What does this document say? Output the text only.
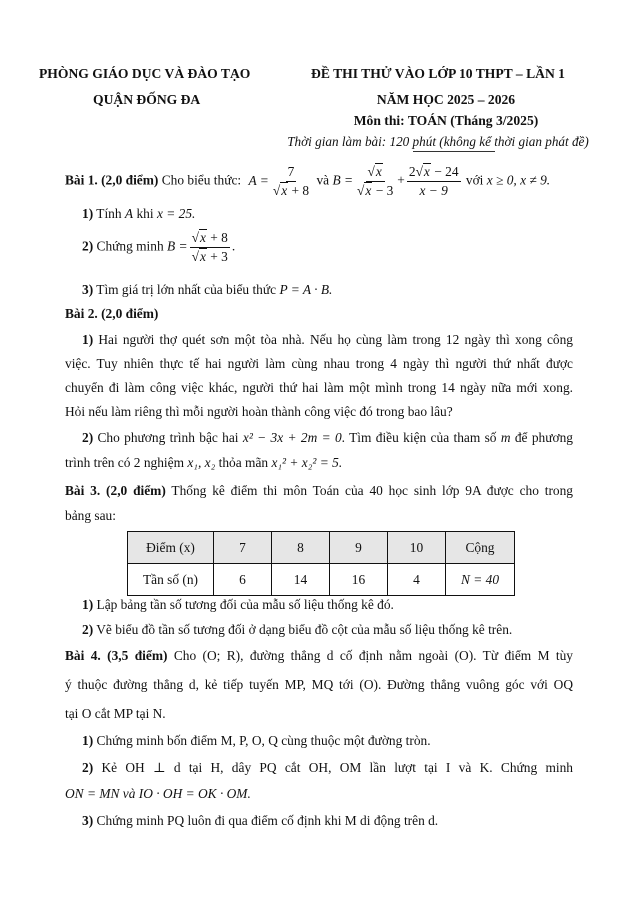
PHÒNG GIÁO DỤC VÀ ĐÀO TẠO
QUẬN ĐỐNG ĐA
ĐỀ THI THỬ VÀO LỚP 10 THPT – LẦN 1
NĂM HỌC 2025 – 2026
Môn thi: TOÁN (Tháng 3/2025)
Thời gian làm bài: 120 phút (không kể thời gian phát đề)
Bài 1. (2,0 điểm) Cho biểu thức: $A = \frac{7}{√x + 8}$ và $B = \frac{√x}{√x - 3} + \frac{2√x - 24}{x - 9}$ với x ≥ 0, x ≠ 9.
1) Tính A khi x = 25.
2) Chứng minh $B = \frac{√x + 8}{√x + 3}$ .
3) Tìm giá trị lớn nhất của biểu thức P = A · B.
Bài 2. (2,0 điểm)
1) Hai người thợ quét sơn một tòa nhà. Nếu họ cùng làm trong 12 ngày thì xong công
việc. Tuy nhiên thực tế hai người làm cùng nhau trong 4 ngày thì người thứ nhất được
chuyển đi làm công việc khác, người thứ hai làm một mình trong 14 ngày nữa mới xong.
Hỏi nếu làm riêng thì mỗi người hoàn thành công việc đó trong bao lâu?
2) Cho phương trình bậc hai x² − 3x + 2m = 0. Tìm điều kiện của tham số m để phương
trình trên có 2 nghiệm x₁, x₂ thỏa mãn x₁² + x₂² = 5.
Bài 3. (2,0 điểm) Thống kê điểm thi môn Toán của 40 học sinh lớp 9A được cho trong
bảng sau:
Điểm (x)	7	8	9	10	Cộng
Tần số (n)	6	14	16	4	N = 40
1) Lập bảng tần số tương đối của mẫu số liệu thống kê đó.
2) Vẽ biểu đồ tần số tương đối ở dạng biểu đồ cột của mẫu số liệu thống kê trên.
Bài 4. (3,5 điểm) Cho (O; R), đường thẳng d cố định nằm ngoài (O). Từ điểm M tùy
ý thuộc đường thẳng d, kẻ tiếp tuyến MP, MQ tới (O). Đường thẳng vuông góc với OQ
tại O cắt MP tại N.
1) Chứng minh bốn điểm M, P, O, Q cùng thuộc một đường tròn.
2) Kẻ OH ⊥ d tại H, dây PQ cắt OH, OM lần lượt tại I và K. Chứng minh
ON = MN và IO · OH = OK · OM.
3) Chứng minh PQ luôn đi qua điểm cố định khi M di động trên d.
